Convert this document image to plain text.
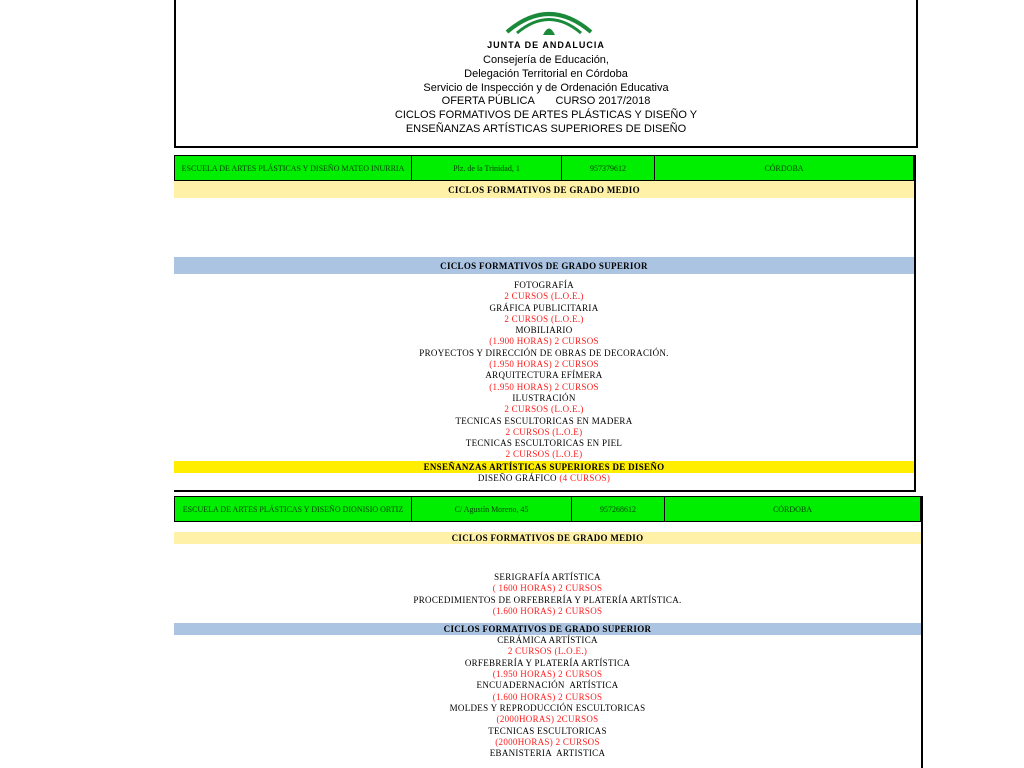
JUNTA DE ANDALUCIA
Consejería de Educación,
Delegación Territorial en Córdoba
Servicio de Inspección y de Ordenación Educativa
OFERTA PÚBLICA       CURSO 2017/2018
CICLOS FORMATIVOS DE ARTES PLÁSTICAS Y DISEÑO Y
ENSEÑANZAS ARTÍSTICAS SUPERIORES DE DISEÑO
ESCUELA DE ARTES PLÁSTICAS Y DISEÑO MATEO INURRIA	Plz. de la Trinidad, 1	957379612	CÓRDOBA
CICLOS FORMATIVOS DE GRADO MEDIO
CICLOS FORMATIVOS DE GRADO SUPERIOR
FOTOGRAFÍA
2 CURSOS (L.O.E.)
GRÁFICA PUBLICITARIA
2 CURSOS (L.O.E.)
MOBILIARIO
(1.900 HORAS) 2 CURSOS
PROYECTOS Y DIRECCIÓN DE OBRAS DE DECORACIÓN.
(1.950 HORAS) 2 CURSOS
ARQUITECTURA EFÍMERA
(1.950 HORAS) 2 CURSOS
ILUSTRACIÓN
2 CURSOS (L.O.E.)
TECNICAS ESCULTORICAS EN MADERA
2 CURSOS (L.O.E)
TECNICAS ESCULTORICAS EN PIEL
2 CURSOS (L.O.E)
ENSEÑANZAS ARTÍSTICAS SUPERIORES DE DISEÑO
DISEÑO GRÁFICO (4 CURSOS)
ESCUELA DE ARTES PLÁSTICAS Y DISEÑO DIONISIO ORTIZ	C/ Agustín Moreno, 45	957268612	CÓRDOBA
CICLOS FORMATIVOS DE GRADO MEDIO
SERIGRAFÍA ARTÍSTICA
( 1600 HORAS) 2 CURSOS
PROCEDIMIENTOS DE ORFEBRERÍA Y PLATERÍA ARTÍSTICA.
(1.600 HORAS) 2 CURSOS
CICLOS FORMATIVOS DE GRADO SUPERIOR
CERÁMICA ARTÍSTICA
2 CURSOS (L.O.E.)
ORFEBRERÍA Y PLATERÍA ARTÍSTICA
(1.950 HORAS) 2 CURSOS
ENCUADERNACIÓN  ARTÍSTICA
(1.600 HORAS) 2 CURSOS
MOLDES Y REPRODUCCIÓN ESCULTORICAS
(2000HORAS) 2CURSOS
TECNICAS ESCULTORICAS
(2000HORAS) 2 CURSOS
EBANISTERIA  ARTISTICA
